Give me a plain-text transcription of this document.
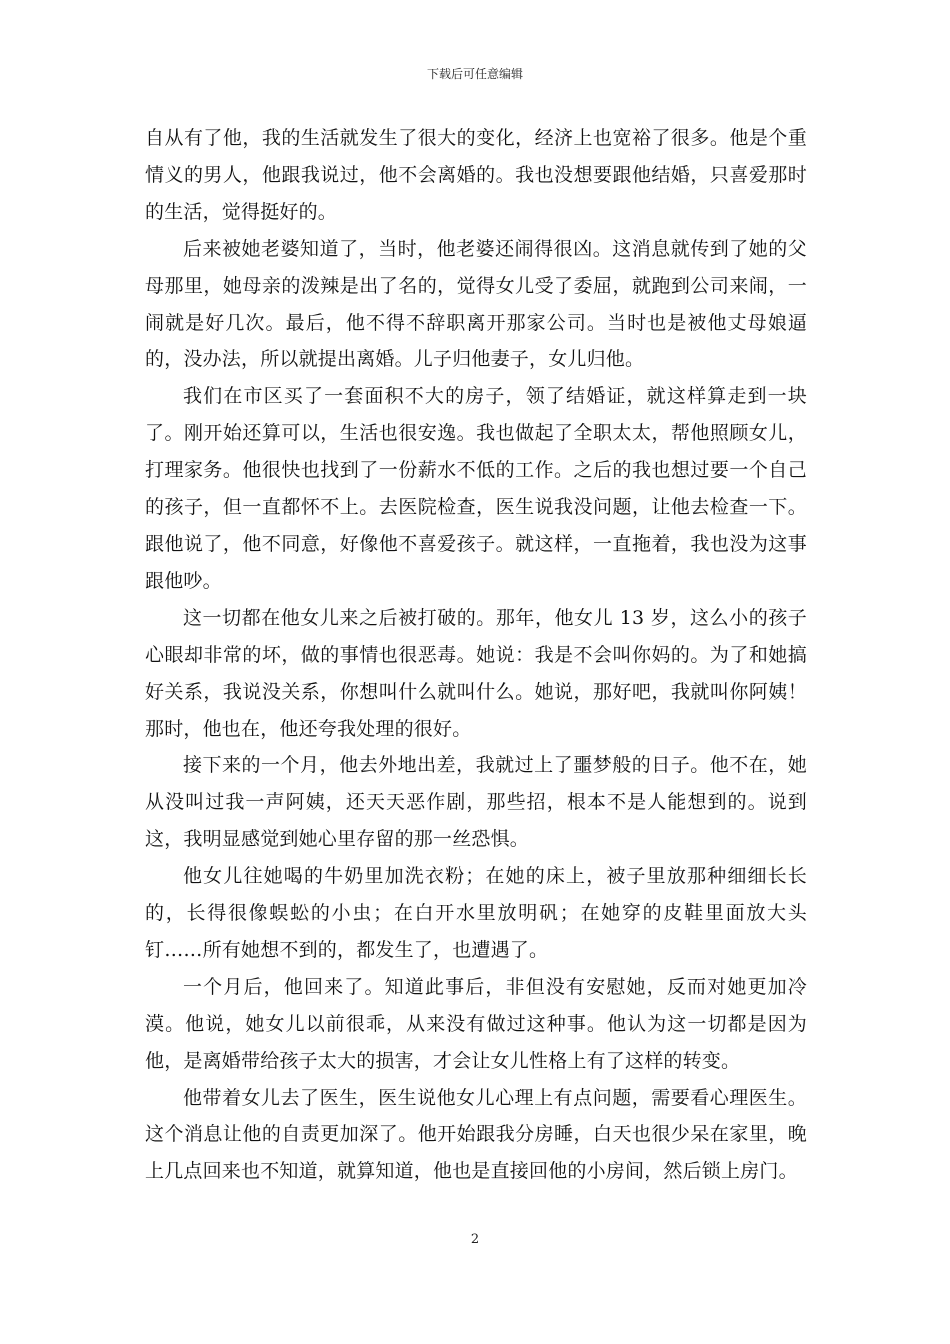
下载后可任意编辑

自从有了他，我的生活就发生了很大的变化，经济上也宽裕了很多。他是个重情义的男人，他跟我说过，他不会离婚的。我也没想要跟他结婚，只喜爱那时的生活，觉得挺好的。

后来被她老婆知道了，当时，他老婆还闹得很凶。这消息就传到了她的父母那里，她母亲的泼辣是出了名的，觉得女儿受了委屈，就跑到公司来闹，一闹就是好几次。最后，他不得不辞职离开那家公司。当时也是被他丈母娘逼的，没办法，所以就提出离婚。儿子归他妻子，女儿归他。

我们在市区买了一套面积不大的房子，领了结婚证，就这样算走到一块了。刚开始还算可以，生活也很安逸。我也做起了全职太太，帮他照顾女儿，打理家务。他很快也找到了一份薪水不低的工作。之后的我也想过要一个自己的孩子，但一直都怀不上。去医院检查，医生说我没问题，让他去检查一下。跟他说了，他不同意，好像他不喜爱孩子。就这样，一直拖着，我也没为这事跟他吵。

这一切都在他女儿来之后被打破的。那年，他女儿 13 岁，这么小的孩子心眼却非常的坏，做的事情也很恶毒。她说：我是不会叫你妈的。为了和她搞好关系，我说没关系，你想叫什么就叫什么。她说，那好吧，我就叫你阿姨！那时，他也在，他还夸我处理的很好。

接下来的一个月，他去外地出差，我就过上了噩梦般的日子。他不在，她从没叫过我一声阿姨，还天天恶作剧，那些招，根本不是人能想到的。说到这，我明显感觉到她心里存留的那一丝恐惧。

他女儿往她喝的牛奶里加洗衣粉；在她的床上，被子里放那种细细长长的，长得很像蜈蚣的小虫；在白开水里放明矾；在她穿的皮鞋里面放大头钉……所有她想不到的，都发生了，也遭遇了。

一个月后，他回来了。知道此事后，非但没有安慰她，反而对她更加冷漠。他说，她女儿以前很乖，从来没有做过这种事。他认为这一切都是因为他，是离婚带给孩子太大的损害，才会让女儿性格上有了这样的转变。

他带着女儿去了医生，医生说他女儿心理上有点问题，需要看心理医生。这个消息让他的自责更加深了。他开始跟我分房睡，白天也很少呆在家里，晚上几点回来也不知道，就算知道，他也是直接回他的小房间，然后锁上房门。

2
